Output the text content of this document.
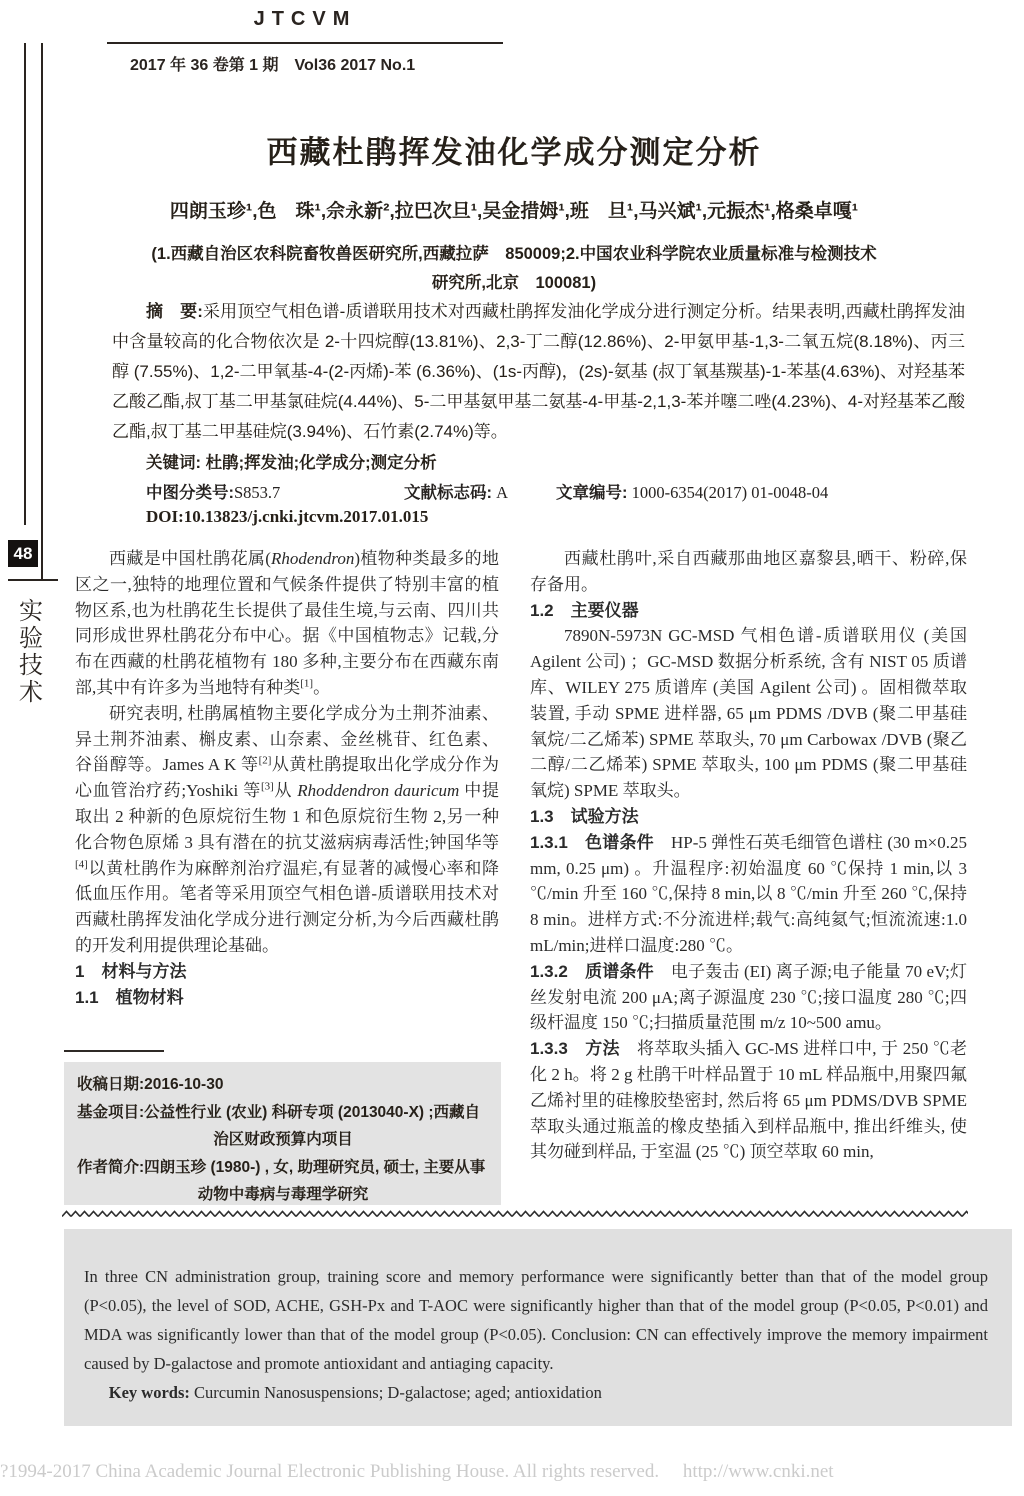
JTCVM
2017 年 36 卷第 1 期　Vol36 2017 No.1
48
实
验
技
术
西藏杜鹃挥发油化学成分测定分析
四朗玉珍¹,色　珠¹,佘永新²,拉巴次旦¹,吴金措姆¹,班　旦¹,马兴斌¹,元振杰¹,格桑卓嘎¹
(1.西藏自治区农科院畜牧兽医研究所,西藏拉萨　850009;2.中国农业科学院农业质量标准与检测技术
研究所,北京　100081)

摘　要:采用顶空气相色谱-质谱联用技术对西藏杜鹃挥发油化学成分进行测定分析。结果表明,西藏杜鹃挥发油中含量较高的化合物依次是 2-十四烷醇(13.81%)、2,3-丁二醇(12.86%)、2-甲氨甲基-1,3-二氧五烷(8.18%)、丙三醇 (7.55%)、1,2-二甲氧基-4-(2-丙烯)-苯 (6.36%)、(1s-丙醇)，(2s)-氨基 (叔丁氧基羰基)-1-苯基(4.63%)、对羟基苯乙酸乙酯,叔丁基二甲基氯硅烷(4.44%)、5-二甲基氨甲基二氨基-4-甲基-2,1,3-苯并噻二唑(4.23%)、4-对羟基苯乙酸乙酯,叔丁基二甲基硅烷(3.94%)、石竹素(2.74%)等。

关键词: 杜鹃;挥发油;化学成分;测定分析
中图分类号:S853.7	文献标志码: A	文章编号: 1000-6354(2017) 01-0048-04
DOI:10.13823/j.cnki.jtcvm.2017.01.015

西藏是中国杜鹃花属(Rhodendron)植物种类最多的地区之一,独特的地理位置和气候条件提供了特别丰富的植物区系,也为杜鹃花生长提供了最佳生境,与云南、四川共同形成世界杜鹃花分布中心。据《中国植物志》记载,分布在西藏的杜鹃花植物有 180 多种,主要分布在西藏东南部,其中有许多为当地特有种类[1]。

研究表明, 杜鹃属植物主要化学成分为土荆芥油素、异土荆芥油素、槲皮素、山奈素、金丝桃苷、红色素、谷甾醇等。James A K 等[2]从黄杜鹃提取出化学成分作为心血管治疗药;Yoshiki 等[3]从 Rhoddendron dauricum 中提取出 2 种新的色原烷衍生物 1 和色原烷衍生物 2,另一种化合物色原烯 3 具有潜在的抗艾滋病病毒活性;钟国华等[4]以黄杜鹃作为麻醉剂治疗温疟,有显著的减慢心率和降低血压作用。笔者等采用顶空气相色谱-质谱联用技术对西藏杜鹃挥发油化学成分进行测定分析,为今后西藏杜鹃的开发利用提供理论基础。

1　材料与方法

1.1　植物材料

西藏杜鹃叶,采自西藏那曲地区嘉黎县,晒干、粉碎,保存备用。

1.2　主要仪器

7890N-5973N GC-MSD 气相色谱-质谱联用仪 (美国 Agilent 公司) ；GC-MSD 数据分析系统, 含有 NIST 05 质谱库、WILEY 275 质谱库 (美国 Agilent 公司) 。固相微萃取装置, 手动 SPME 进样器, 65 μm PDMS /DVB (聚二甲基硅氧烷/二乙烯苯) SPME 萃取头, 70 μm Carbowax /DVB (聚乙二醇/二乙烯苯) SPME 萃取头, 100 μm PDMS (聚二甲基硅氧烷) SPME 萃取头。

1.3　试验方法

1.3.1　色谱条件　HP-5 弹性石英毛细管色谱柱 (30 m×0.25 mm, 0.25 μm) 。升温程序:初始温度 60 ℃保持 1 min,以 3 ℃/min 升至 160 ℃,保持 8 min,以 8 ℃/min 升至 260 ℃,保持 8 min。进样方式:不分流进样;载气:高纯氦气;恒流流速:1.0 mL/min;进样口温度:280 ℃。

1.3.2　质谱条件　电子轰击 (EI) 离子源;电子能量 70 eV;灯丝发射电流 200 μA;离子源温度 230 ℃;接口温度 280 ℃;四级杆温度 150 ℃;扫描质量范围 m/z 10~500 amu。

1.3.3　方法　将萃取头插入 GC-MS 进样口中, 于 250 ℃老化 2 h。将 2 g 杜鹃干叶样品置于 10 mL 样品瓶中,用聚四氟乙烯衬里的硅橡胶垫密封, 然后将 65 μm PDMS/DVB SPME 萃取头通过瓶盖的橡皮垫插入到样品瓶中, 推出纤维头, 使其勿碰到样品, 于室温 (25 ℃) 顶空萃取 60 min,

收稿日期:2016-10-30
基金项目:公益性行业 (农业) 科研专项 (2013040-X) ;西藏自
治区财政预算内项目
作者简介:四朗玉珍 (1980-) , 女, 助理研究员, 硕士, 主要从事
动物中毒病与毒理学研究

In three CN administration group, training score and memory performance were significantly better than that of the model group (P<0.05), the level of SOD, ACHE, GSH-Px and T-AOC were significantly higher than that of the model group (P<0.05, P<0.01) and MDA was significantly lower than that of the model group (P<0.05). Conclusion: CN can effectively improve the memory impairment caused by D-galactose and promote antioxidant and antiaging capacity.

Key words: Curcumin Nanosuspensions; D-galactose; aged; antioxidation

?1994-2017 China Academic Journal Electronic Publishing House. All rights reserved.　 http://www.cnki.net
